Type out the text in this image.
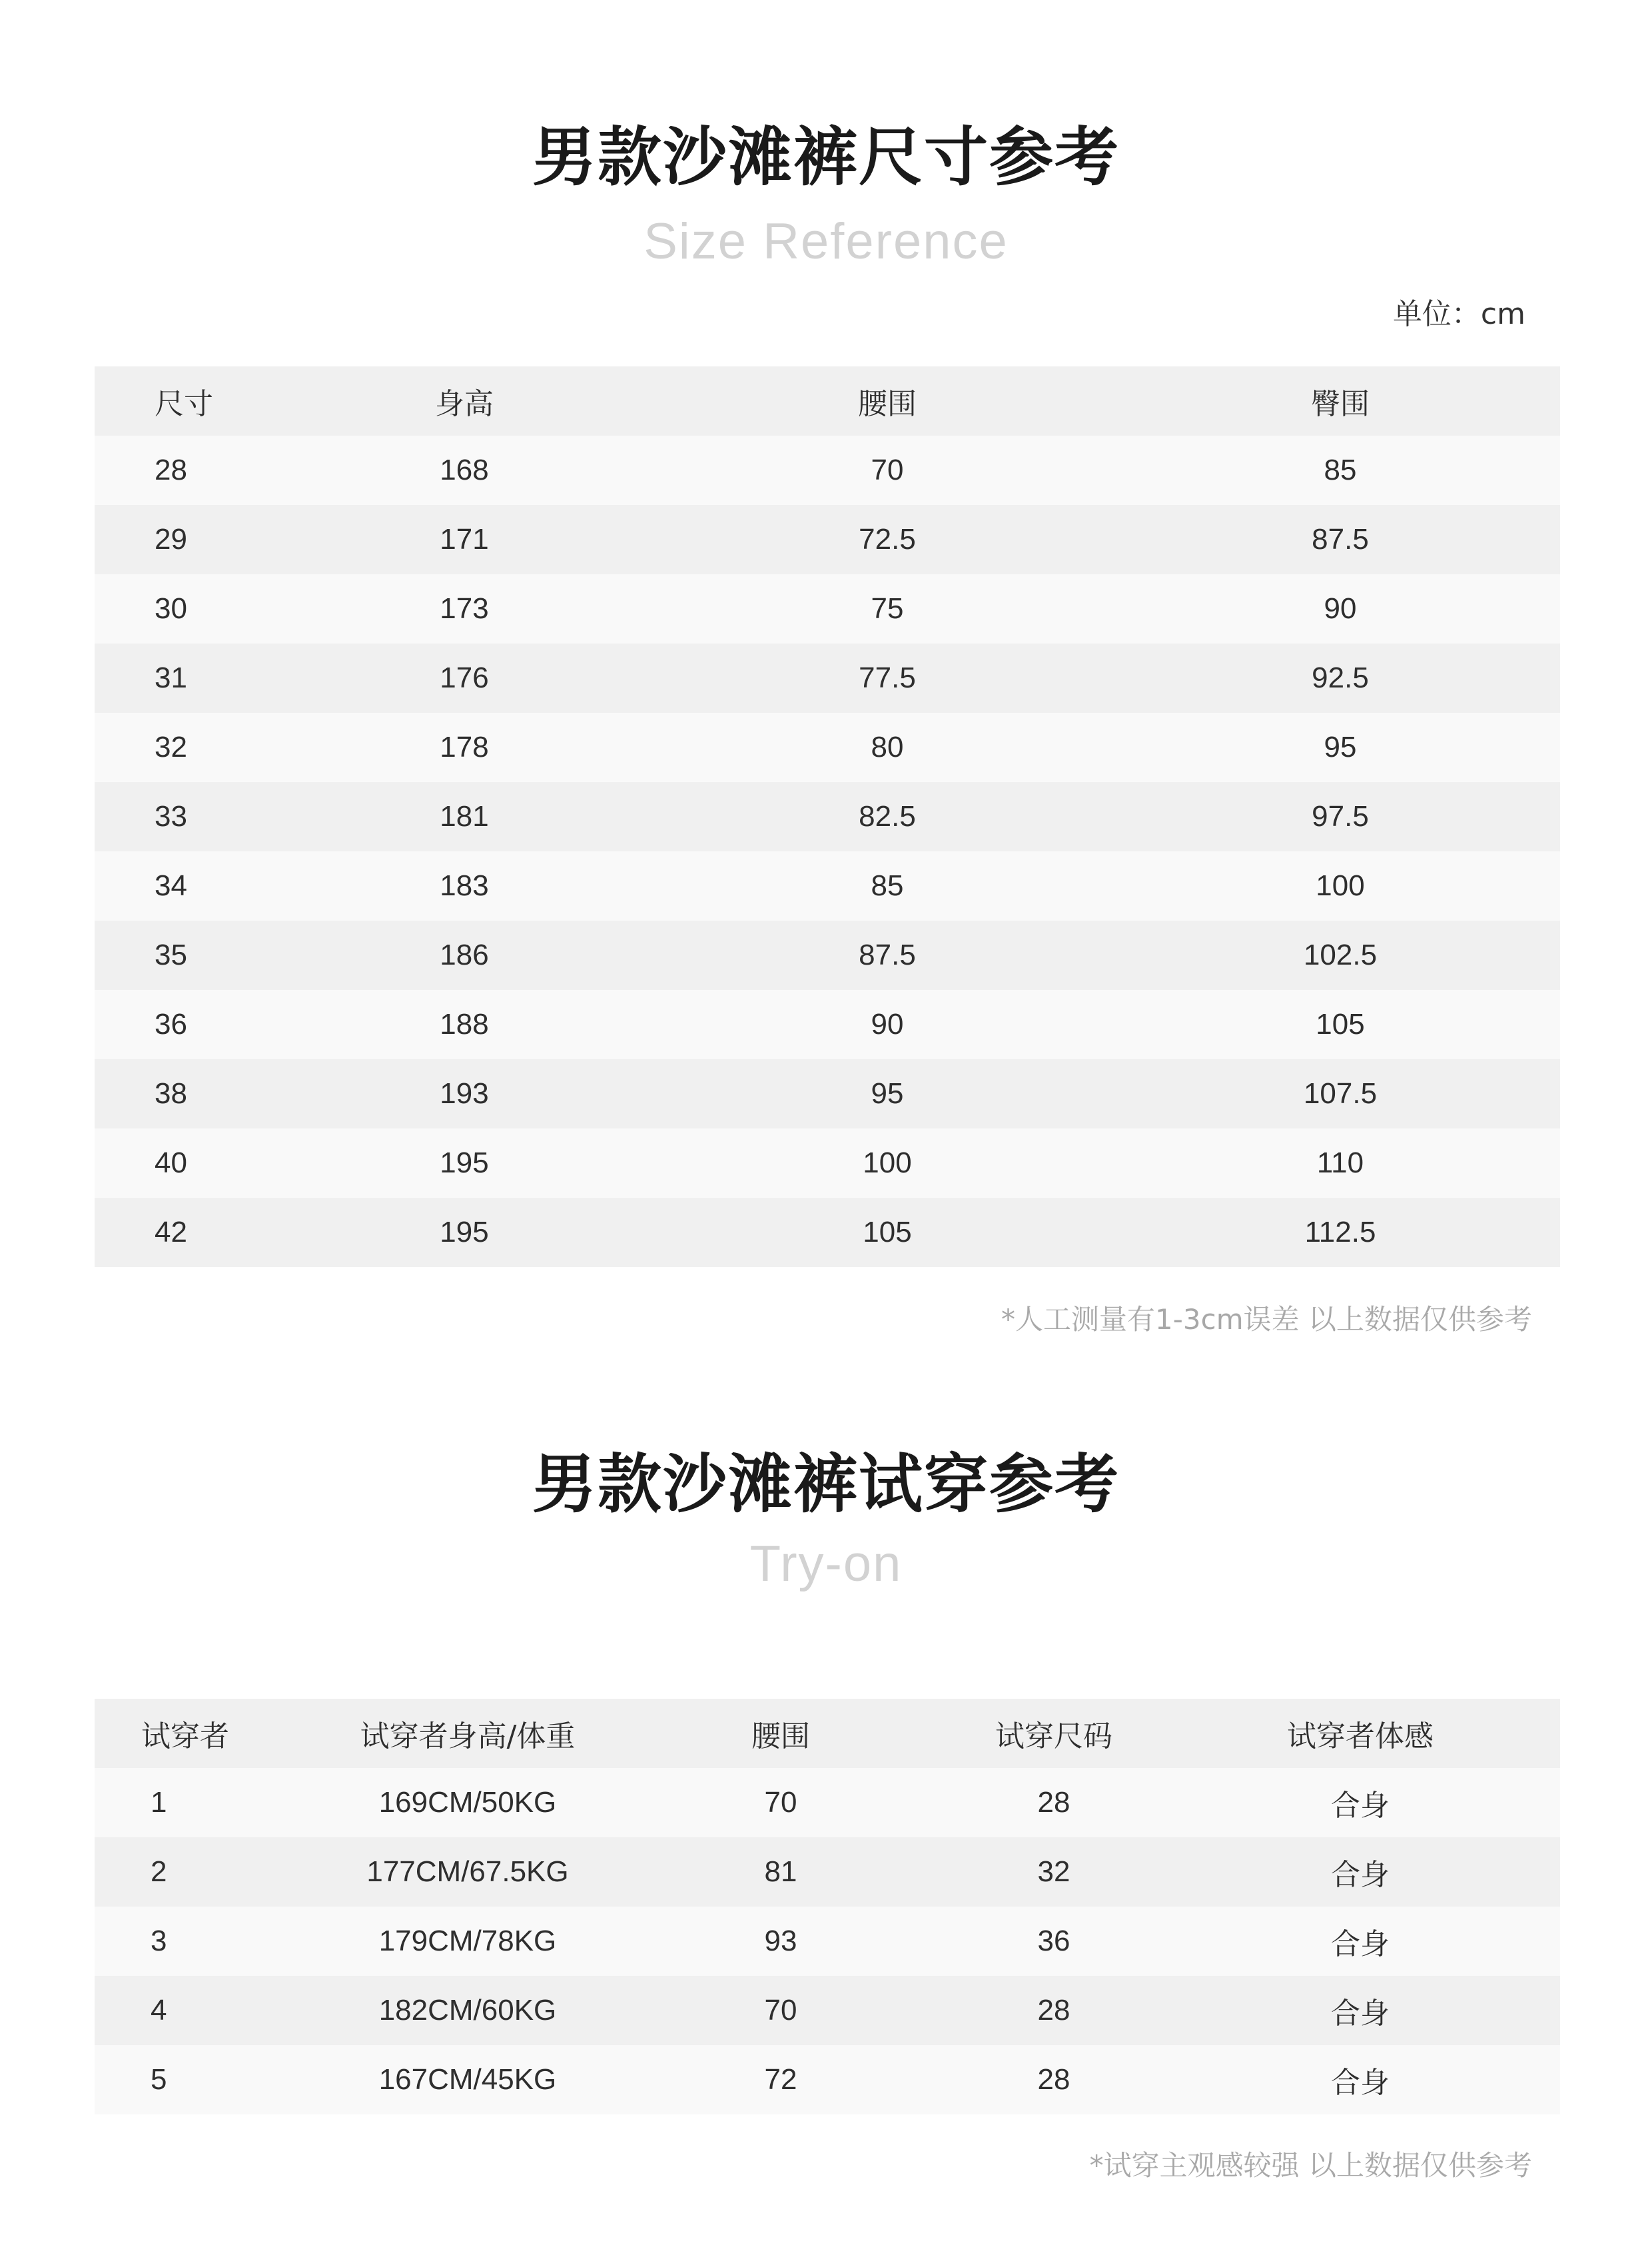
男款沙滩裤尺寸参考
Size Reference
单位：cm
尺寸	身高	腰围	臀围
28	168	70	85
29	171	72.5	87.5
30	173	75	90
31	176	77.5	92.5
32	178	80	95
33	181	82.5	97.5
34	183	85	100
35	186	87.5	102.5
36	188	90	105
38	193	95	107.5
40	195	100	110
42	195	105	112.5
*人工测量有1-3cm误差 以上数据仅供参考
男款沙滩裤试穿参考
Try-on
试穿者	试穿者身高/体重	腰围	试穿尺码	试穿者体感
1	169CM/50KG	70	28	合身
2	177CM/67.5KG	81	32	合身
3	179CM/78KG	93	36	合身
4	182CM/60KG	70	28	合身
5	167CM/45KG	72	28	合身
*试穿主观感较强 以上数据仅供参考
